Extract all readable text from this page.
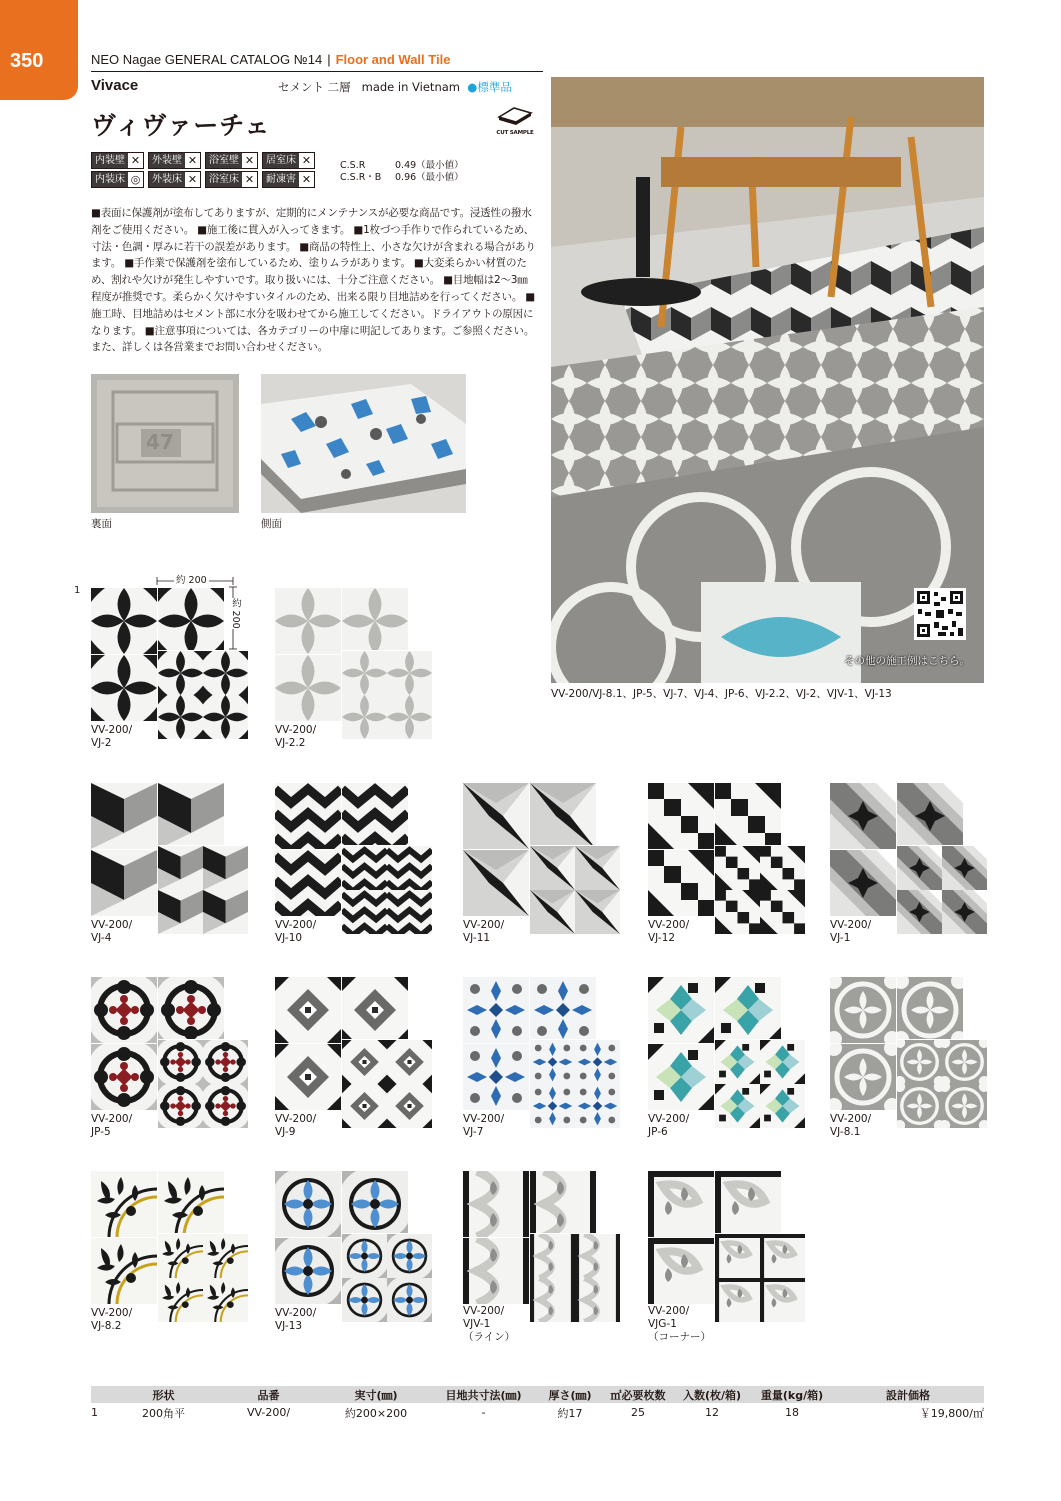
350	NEO Nagae GENERAL CATALOG №14 | Floor and Wall Tile
Vivace	セメント 二層 made in Vietnam ●標準品
ヴィヴァーチェ	CUT SAMPLE
内装壁 ✕	外装壁 ✕	浴室壁 ✕	居室床 ✕
内装床 ◎	外装床 ✕	浴室床 ✕	耐凍害 ✕
C.S.R	0.49（最小値）
C.S.R・B	0.96（最小値）
■表面に保護剤が塗布してありますが、定期的にメンテナンスが必要な商品です。浸透性の撥水剤をご使用ください。 ■施工後に貫入が入ってきます。 ■1枚づつ手作りで作られているため、寸法・色調・厚みに若干の誤差があります。 ■商品の特性上、小さな欠けが含まれる場合があります。 ■手作業で保護剤を塗布しているため、塗りムラがあります。 ■大変柔らかい材質のため、割れや欠けが発生しやすいです。取り扱いには、十分ご注意ください。 ■目地幅は2～3㎜程度が推奨です。柔らかく欠けやすいタイルのため、出来る限り目地詰めを行ってください。 ■施工時、目地詰めはセメント部に水分を吸わせてから施工してください。ドライアウトの原因になります。 ■注意事項については、各カテゴリーの中扉に明記してあります。ご参照ください。また、詳しくは各営業までお問い合わせください。
47
裏面	側面
その他の施工例はこちら。
VV-200/VJ-8.1、JP-5、VJ-7、VJ-4、JP-6、VJ-2.2、VJ-2、VJV-1、VJ-13
1
約 200
約 200
VV-200/
VJ-2
VV-200/
VJ-2.2
VV-200/
VJ-4
VV-200/
VJ-10
VV-200/
VJ-11
VV-200/
VJ-12
VV-200/
VJ-1
VV-200/
JP-5
VV-200/
VJ-9
VV-200/
VJ-7
VV-200/
JP-6
VV-200/
VJ-8.1
VV-200/
VJ-8.2
VV-200/
VJ-13
VV-200/
VJV-1
（ライン）
VV-200/
VJG-1
（コーナー）
	形状	品番	実寸(㎜)	目地共寸法(㎜)	厚さ(㎜)	㎡必要枚数	入数(枚/箱)	重量(kg/箱)	設計価格
1	200角平	VV-200/	約200×200	-	約17	25	12	18	￥19,800/㎡
